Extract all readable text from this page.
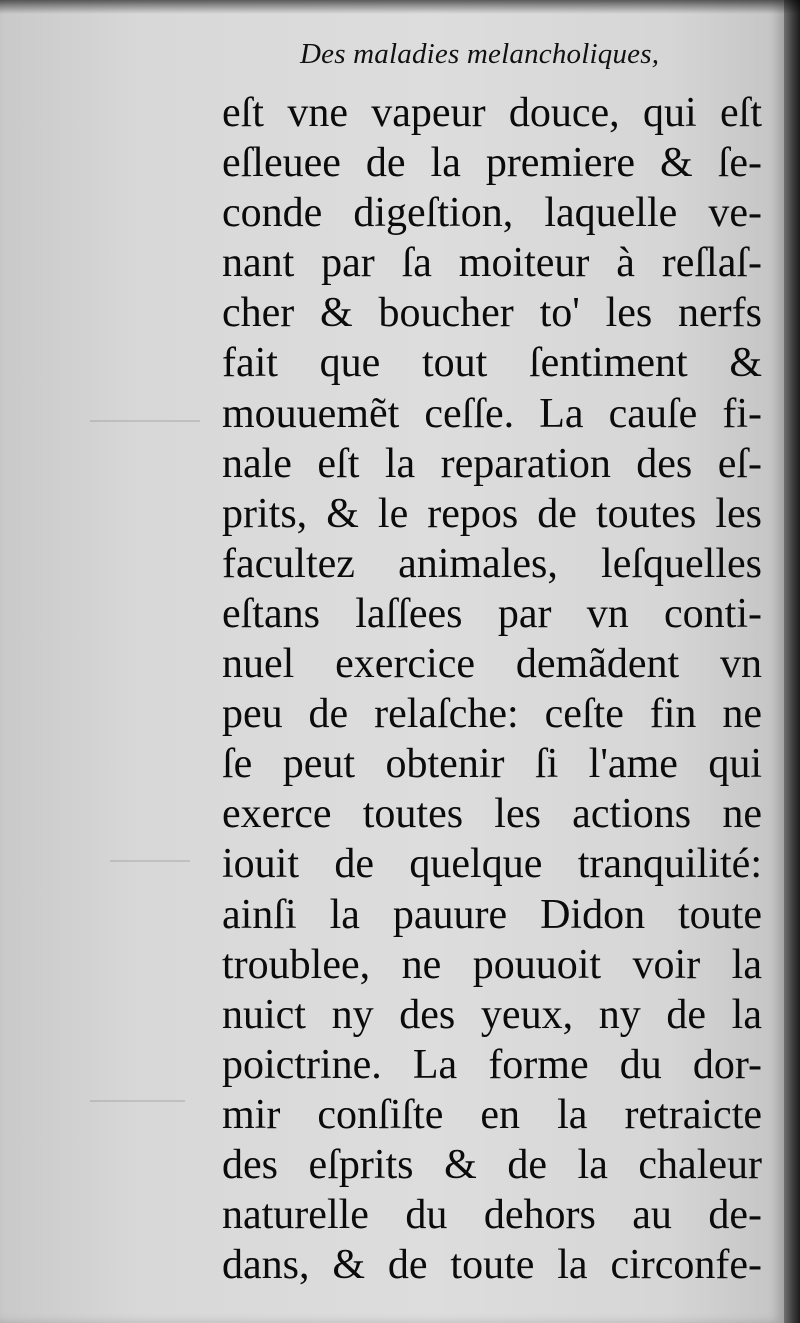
Des maladies melancholiques,
eſt vne vapeur douce, qui eſt
eſleuee de la premiere & ſe-
conde digeſtion, laquelle ve-
nant par ſa moiteur à reſlaſ-
cher & boucher to' les nerfs
fait que tout ſentiment &
mouuemẽt ceſſe. La cauſe fi-
nale eſt la reparation des eſ-
prits, & le repos de toutes les
facultez animales, leſquelles
eſtans laſſees par vn conti-
nuel exercice demãdent vn
peu de relaſche: ceſte fin ne
ſe peut obtenir ſi l'ame qui
exerce toutes les actions ne
iouit de quelque tranquilité:
ainſi la pauure Didon toute
troublee, ne pouuoit voir la
nuict ny des yeux, ny de la
poictrine. La forme du dor-
mir conſiſte en la retraicte
des eſprits & de la chaleur
naturelle du dehors au de-
dans, & de toute la circonfe-
